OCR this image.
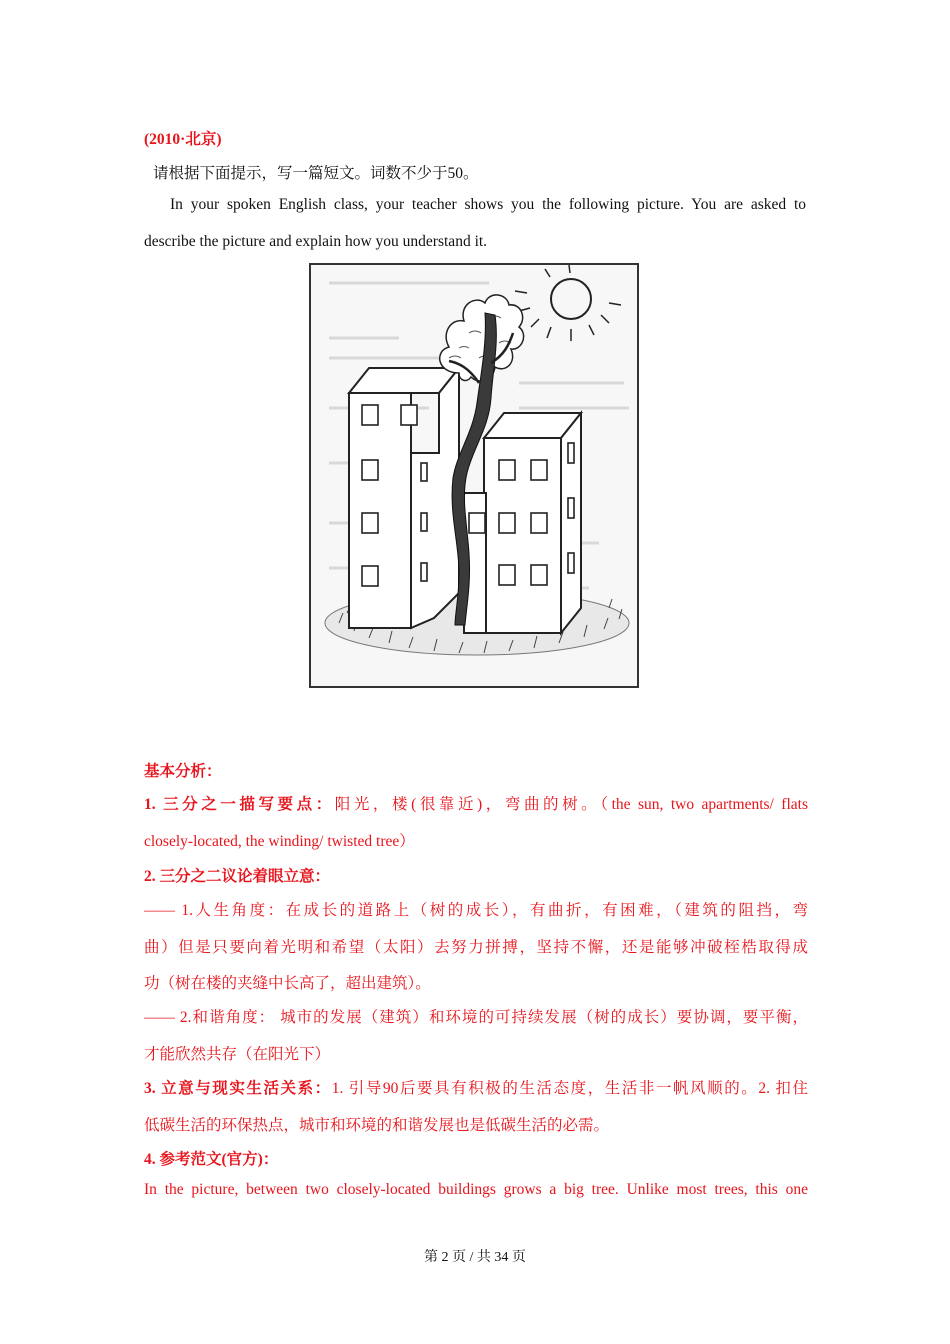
(2010·北京)
请根据下面提示，写一篇短文。词数不少于50。
In your spoken English class, your teacher shows you the following picture. You are asked to
describe the picture and explain how you understand it.
基本分析：
1. 三分之一描写要点：阳光，楼(很靠近)，弯曲的树。（the sun, two apartments/ flats
closely-located, the winding/ twisted tree）
2. 三分之二议论着眼立意：
—— 1.人生角度：在成长的道路上（树的成长），有曲折，有困难，（建筑的阻挡，弯
曲）但是只要向着光明和希望（太阳）去努力拼搏，坚持不懈，还是能够冲破桎梏取得成
功（树在楼的夹缝中长高了，超出建筑）。
—— 2.和谐角度： 城市的发展（建筑）和环境的可持续发展（树的成长）要协调，要平衡，
才能欣然共存（在阳光下）
3. 立意与现实生活关系：1. 引导90后要具有积极的生活态度，生活非一帆风顺的。2. 扣住
低碳生活的环保热点，城市和环境的和谐发展也是低碳生活的必需。
4. 参考范文(官方)：
In the picture, between two closely-located buildings grows a big tree. Unlike most trees, this one
第 2 页 / 共 34 页
